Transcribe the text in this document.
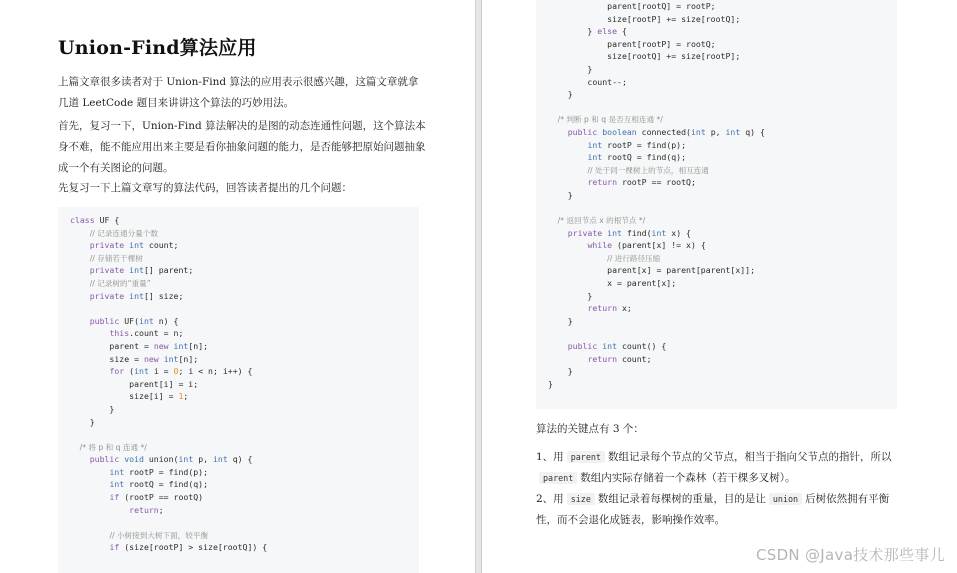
Union-Find算法应用

上篇文章很多读者对于 Union-Find 算法的应用表示很感兴趣，这篇文章就拿几道 LeetCode 题目来讲讲这个算法的巧妙用法。

首先，复习一下，Union-Find 算法解决的是图的动态连通性问题，这个算法本身不难，能不能应用出来主要是看你抽象问题的能力，是否能够把原始问题抽象成一个有关图论的问题。

先复习一下上篇文章写的算法代码，回答读者提出的几个问题：

class UF {
// 记录连通分量个数
private int count;
// 存储若干棵树
private int[] parent;
// 记录树的“重量”
private int[] size;

public UF(int n) {
this.count = n;
parent = new int[n];
size = new int[n];
for (int i = 0; i < n; i++) {
parent[i] = i;
size[i] = 1;
}
}

/* 将 p 和 q 连通 */
public void union(int p, int q) {
int rootP = find(p);
int rootQ = find(q);
if (rootP == rootQ)
return;

// 小树接到大树下面，较平衡
if (size[rootP] > size[rootQ]) {
parent[rootQ] = rootP;
size[rootP] += size[rootQ];
} else {
parent[rootP] = rootQ;
size[rootQ] += size[rootP];
}
count--;
}

/* 判断 p 和 q 是否互相连通 */
public boolean connected(int p, int q) {
int rootP = find(p);
int rootQ = find(q);
// 处于同一棵树上的节点，相互连通
return rootP == rootQ;
}

/* 返回节点 x 的根节点 */
private int find(int x) {
while (parent[x] != x) {
// 进行路径压缩
parent[x] = parent[parent[x]];
x = parent[x];
}
return x;
}

public int count() {
return count;
}
}

算法的关键点有 3 个：

1、用 parent 数组记录每个节点的父节点，相当于指向父节点的指针，所以parent 数组内实际存储着一个森林（若干棵多叉树）。

2、用 size 数组记录着每棵树的重量，目的是让 union 后树依然拥有平衡性，而不会退化成链表，影响操作效率。

CSDN @Java技术那些事儿
